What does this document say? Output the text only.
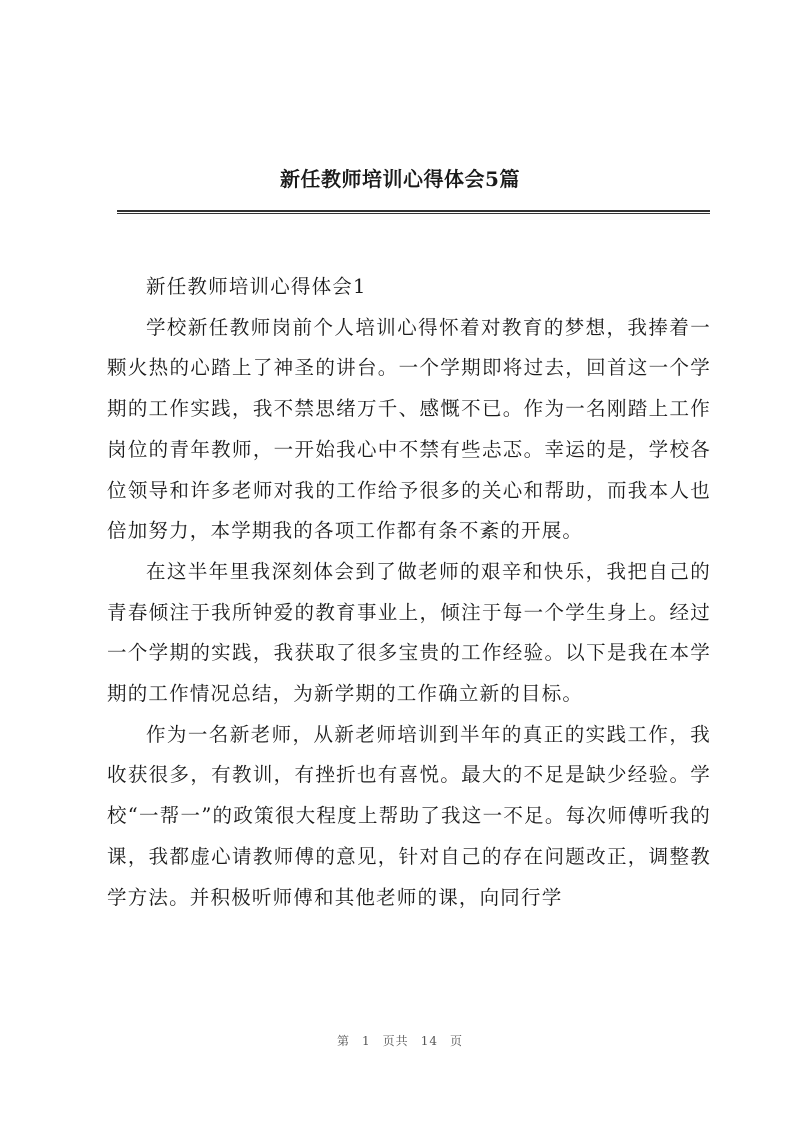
新任教师培训心得体会5篇

新任教师培训心得体会1

学校新任教师岗前个人培训心得怀着对教育的梦想，我捧着一颗火热的心踏上了神圣的讲台。一个学期即将过去，回首这一个学期的工作实践，我不禁思绪万千、感慨不已。作为一名刚踏上工作岗位的青年教师，一开始我心中不禁有些忐忑。幸运的是，学校各位领导和许多老师对我的工作给予很多的关心和帮助，而我本人也倍加努力，本学期我的各项工作都有条不紊的开展。

在这半年里我深刻体会到了做老师的艰辛和快乐，我把自己的青春倾注于我所钟爱的教育事业上，倾注于每一个学生身上。经过一个学期的实践，我获取了很多宝贵的工作经验。以下是我在本学期的工作情况总结，为新学期的工作确立新的目标。

作为一名新老师，从新老师培训到半年的真正的实践工作，我收获很多，有教训，有挫折也有喜悦。最大的不足是缺少经验。学校“一帮一”的政策很大程度上帮助了我这一不足。每次师傅听我的课，我都虚心请教师傅的意见，针对自己的存在问题改正，调整教学方法。并积极听师傅和其他老师的课，向同行学

第 1 页共 14 页
